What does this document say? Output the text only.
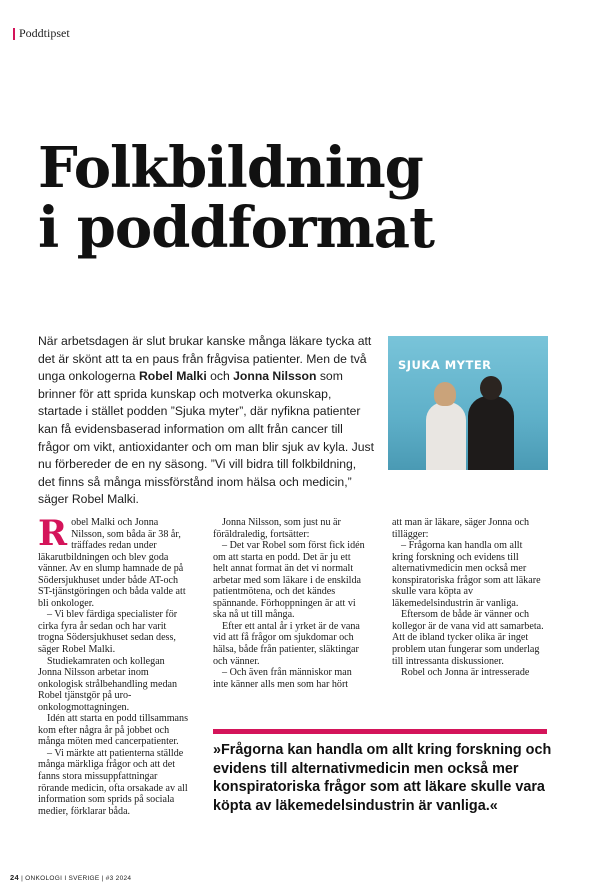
Poddtipset
Folkbildning
i poddformat
När arbetsdagen är slut brukar kanske många läkare tycka att det är skönt att ta en paus från frågvisa patienter. Men de två unga onkologerna Robel Malki och Jonna Nilsson som brinner för att sprida kunskap och motverka okunskap, startade i stället podden ”Sjuka myter”, där nyfikna patienter kan få evidensbaserad information om allt från cancer till frågor om vikt, antioxidanter och om man blir sjuk av kyla. Just nu förbereder de en ny säsong. ”Vi vill bidra till folkbildning, det finns så många missförstånd inom hälsa och medicin,” säger Robel Malki.
SJUKA MYTER

Robel Malki och Jonna Nilsson, som båda är 38 år, träffades redan under läkarutbildningen och blev goda vänner. Av en slump hamnade de på Södersjukhuset under både AT-och ST-tjänstgöringen och båda valde att bli onkologer.

– Vi blev färdiga specialister för cirka fyra år sedan och har varit trogna Södersjukhuset sedan dess, säger Robel Malki.

Studiekamraten och kollegan Jonna Nilsson arbetar inom onkologisk strålbehandling medan Robel tjänstgör på uro-onkologmottagningen.

Idén att starta en podd tillsammans kom efter några år på jobbet och många möten med cancerpatienter.

– Vi märkte att patienterna ställde många märkliga frågor och att det fanns stora missuppfattningar rörande medicin, ofta orsakade av all information som sprids på sociala medier, förklarar båda.

Jonna Nilsson, som just nu är föräldraledig, fortsätter:

– Det var Robel som först fick idén om att starta en podd. Det är ju ett helt annat format än det vi normalt arbetar med som läkare i de enskilda patientmötena, och det kändes spännande. Förhoppningen är att vi ska nå ut till många.

Efter ett antal år i yrket är de vana vid att få frågor om sjukdomar och hälsa, både från patienter, släktingar och vänner.

– Och även från människor man inte känner alls men som har hört

att man är läkare, säger Jonna och tillägger:

– Frågorna kan handla om allt kring forskning och evidens till alternativmedicin men också mer konspiratoriska frågor som att läkare skulle vara köpta av läkemedelsindustrin är vanliga.

Eftersom de både är vänner och kollegor är de vana vid att samarbeta. Att de ibland tycker olika är inget problem utan fungerar som underlag till intressanta diskussioner.

Robel och Jonna är intresserade

»Frågorna kan handla om allt kring forskning och evidens till alternativmedicin men också mer konspiratoriska frågor som att läkare skulle vara köpta av läkemedelsindustrin är vanliga.«
24 | ONKOLOGI I SVERIGE | #3 2024
